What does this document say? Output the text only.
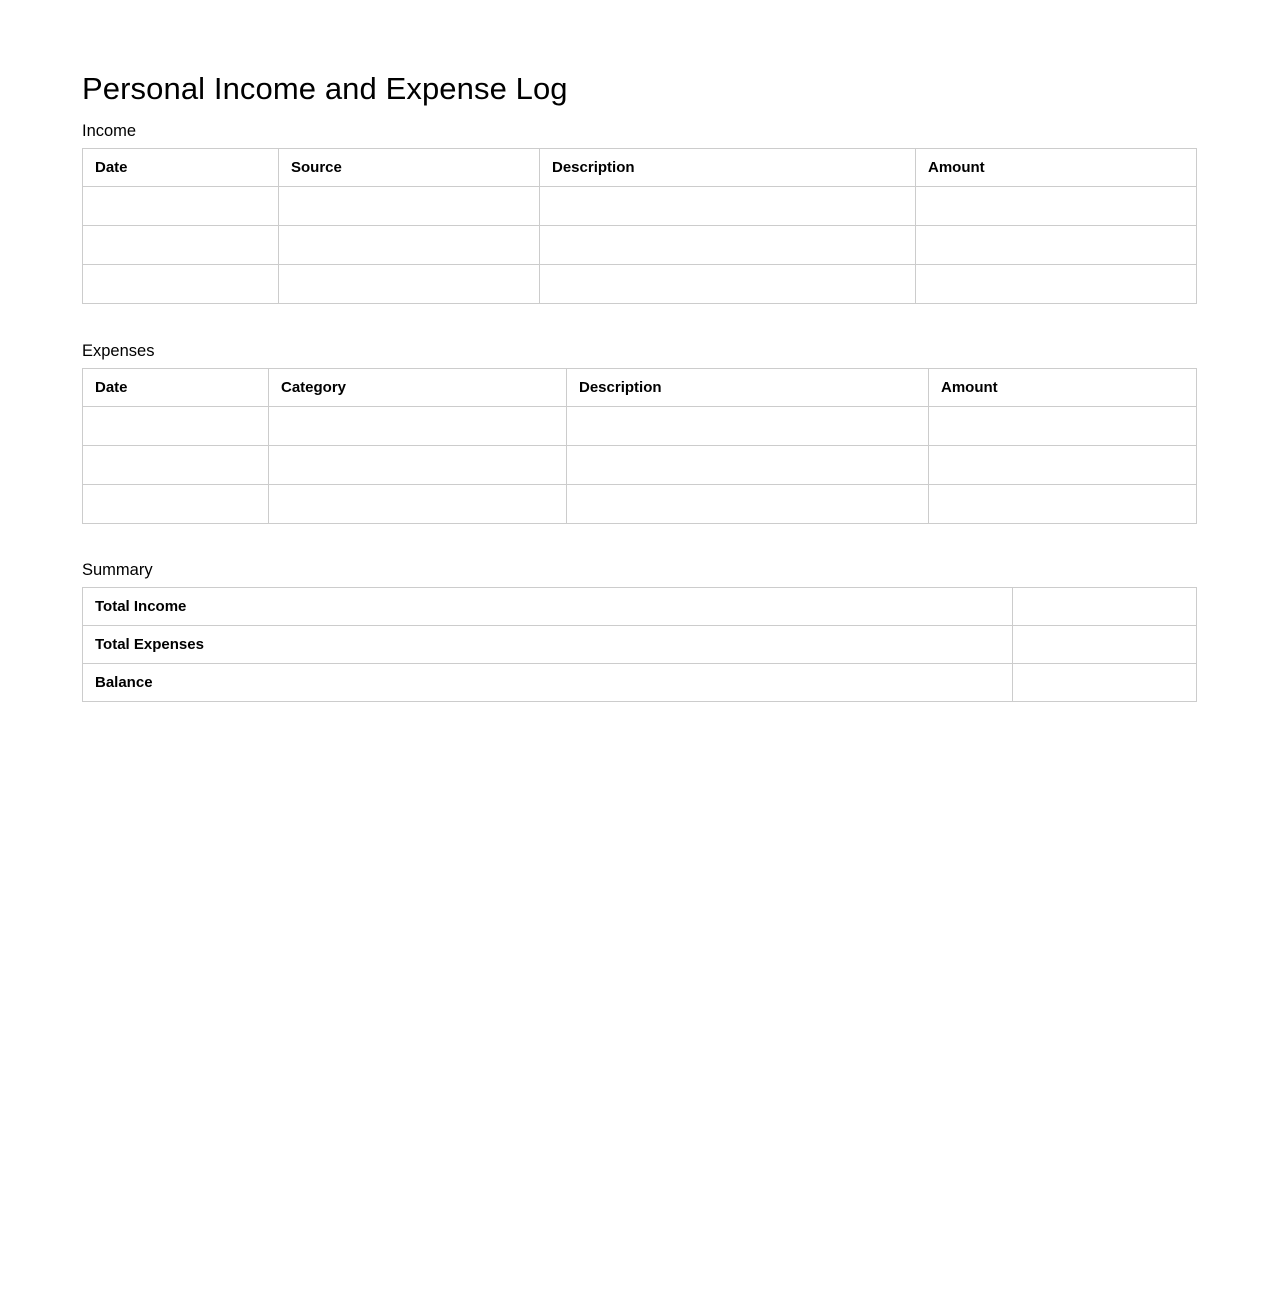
Personal Income and Expense Log
Income
Date	Source	Description	Amount

Expenses
Date	Category	Description	Amount

Summary
Total Income	
Total Expenses	
Balance	
